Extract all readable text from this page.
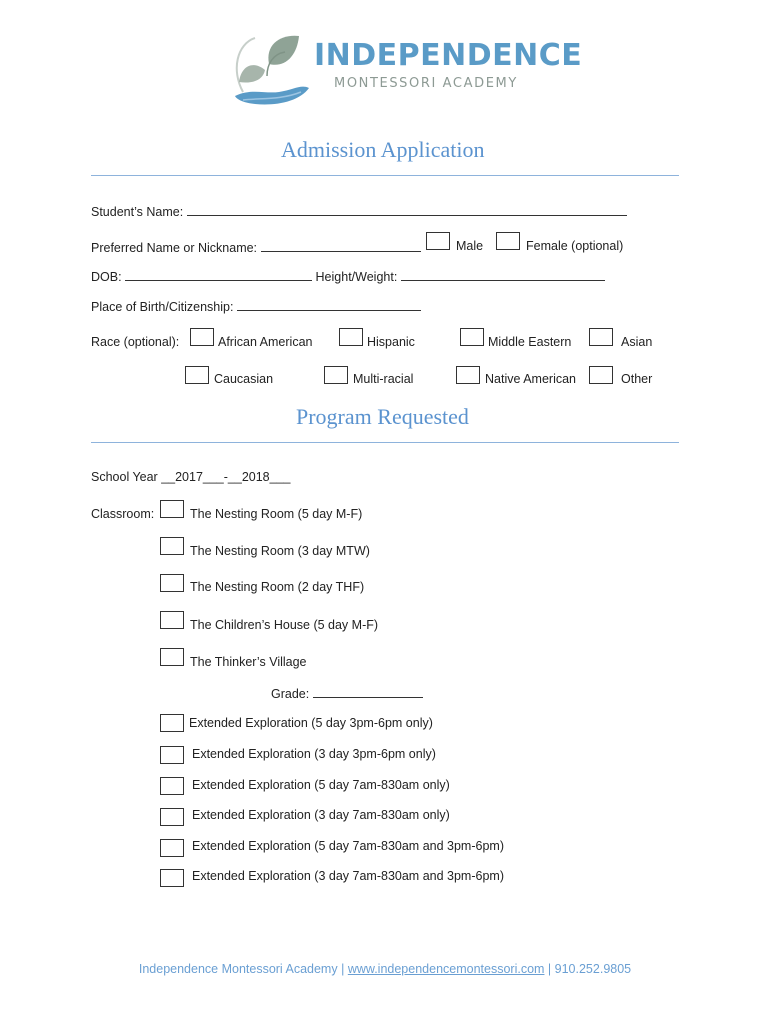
INDEPENDENCE
MONTESSORI ACADEMY
Admission Application
Student’s Name:
Preferred Name or Nickname:	Male	Female (optional)
DOB:	Height/Weight:
Place of Birth/Citizenship:
Race (optional):	African American	Hispanic	Middle Eastern	Asian
Caucasian	Multi-racial	Native American	Other
Program Requested
School Year __2017___-__2018___
Classroom:	The Nesting Room (5 day M-F)
The Nesting Room (3 day MTW)
The Nesting Room (2 day THF)
The Children’s House (5 day M-F)
The Thinker’s Village
Grade:
Extended Exploration (5 day 3pm-6pm only)
Extended Exploration (3 day 3pm-6pm only)
Extended Exploration (5 day 7am-830am only)
Extended Exploration (3 day 7am-830am only)
Extended Exploration (5 day 7am-830am and 3pm-6pm)
Extended Exploration (3 day 7am-830am and 3pm-6pm)
Independence Montessori Academy | www.independencemontessori.com | 910.252.9805
